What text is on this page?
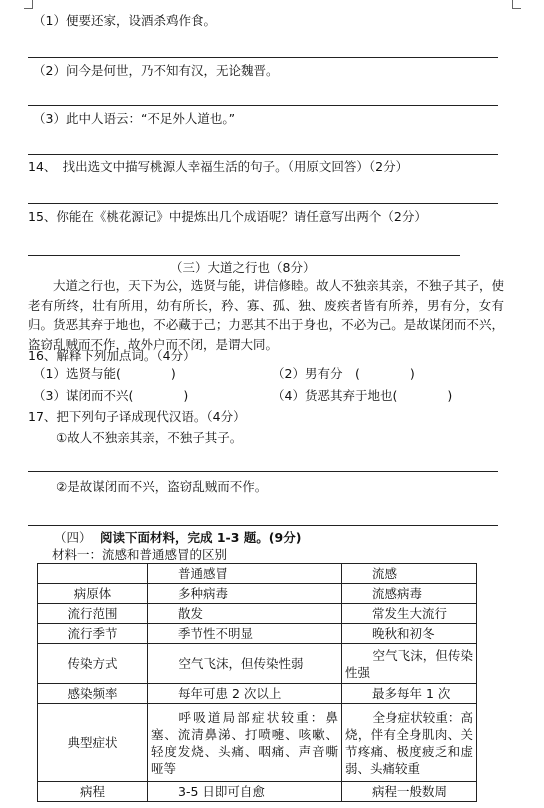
（1）便要还家，设酒杀鸡作食。
（2）问今是何世，乃不知有汉，无论魏晋。
（3）此中人语云：“不足外人道也。”
14、　找出选文中描写桃源人幸福生活的句子。（用原文回答）（2分）
15、你能在《桃花源记》中提炼出几个成语呢？请任意写出两个（2分）
（三）大道之行也（8分）
大道之行也，天下为公，选贤与能，讲信修睦。故人不独亲其亲，不独子其子，使老有所终，壮有所用，幼有所长，矜、寡、孤、独、废疾者皆有所养，男有分，女有归。货恶其弃于地也，不必藏于己；力恶其不出于身也，不必为己。是故谋闭而不兴，盗窃乱贼而不作，故外户而不闭，是谓大同。
16、解释下列加点词。（4分）
（1）选贤与能(　　　　)	（2）男有分　(　　　　)
（3）谋闭而不兴(　　　　)	（4）货恶其弃于地也(　　　　)
17、把下列句子译成现代汉语。（4分）
①故人不独亲其亲，不独子其子。
②是故谋闭而不兴，盗窃乱贼而不作。
（四） 阅读下面材料，完成 1-3 题。(9分)
材料一：流感和普通感冒的区别
	普通感冒	流感
病原体	多种病毒	流感病毒
流行范围	散发	常发生大流行
流行季节	季节性不明显	晚秋和初冬
传染方式	空气飞沫，但传染性弱	空气飞沫，但传染性强
感染频率	每年可患 2 次以上	最多每年 1 次
典型症状	呼吸道局部症状较重：鼻塞、流清鼻涕、打喷嚏、咳嗽、轻度发烧、头痛、咽痛、声音嘶哑等	全身症状较重：高烧，伴有全身肌肉、关节疼痛、极度疲乏和虚弱、头痛较重
病程	3-5 日即可自愈	病程一般数周
